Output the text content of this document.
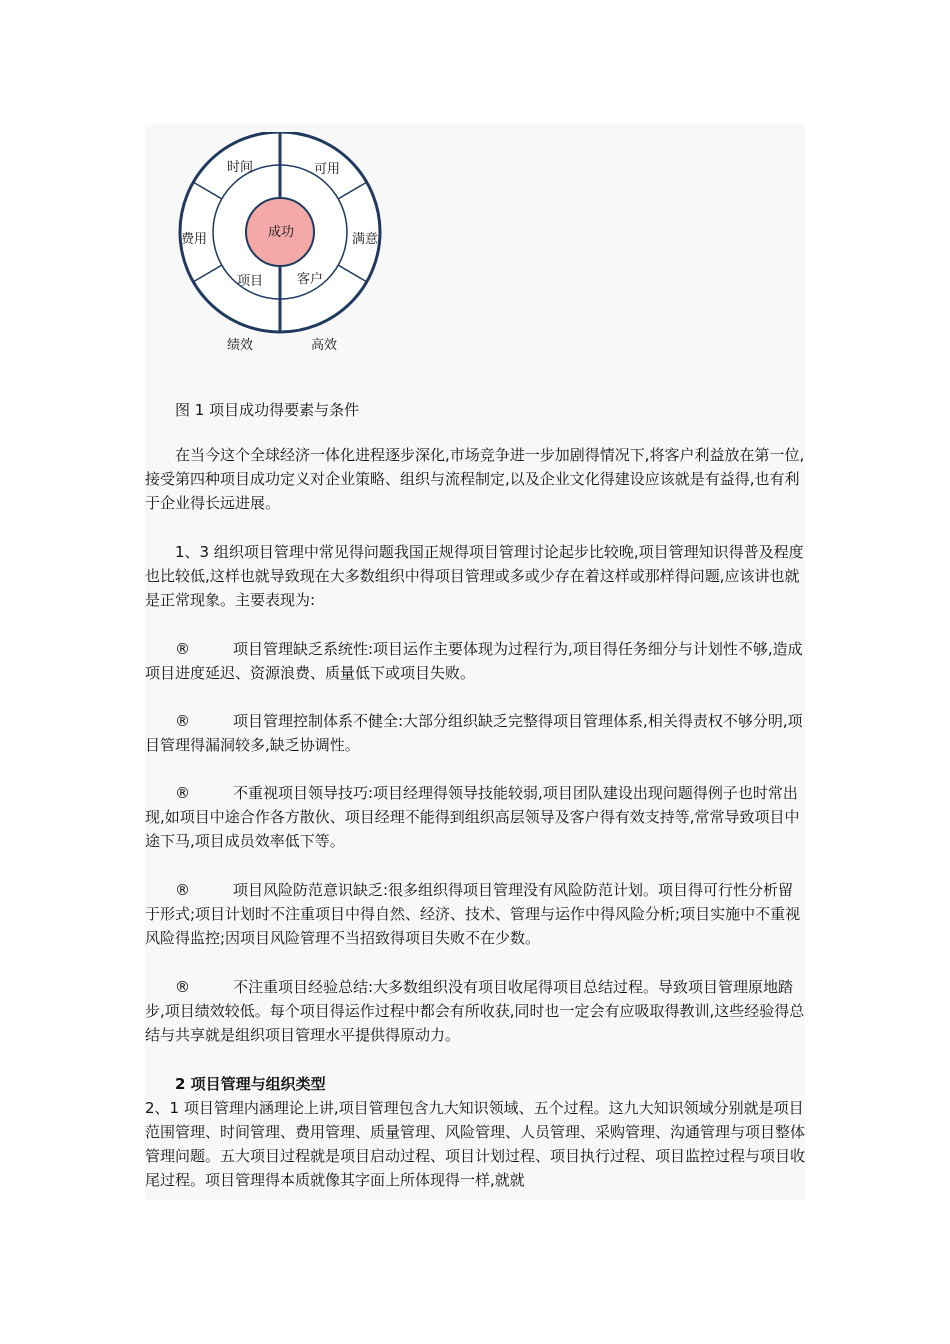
成功
项目	客户
时间	可用
费用	满意
绩效	高效
图 1 项目成功得要素与条件

在当今这个全球经济一体化进程逐步深化,市场竞争进一步加剧得情况下,将客户利益放在第一位,接受第四种项目成功定义对企业策略、组织与流程制定,以及企业文化得建设应该就是有益得,也有利于企业得长远进展。

1、3 组织项目管理中常见得问题我国正规得项目管理讨论起步比较晚,项目管理知识得普及程度也比较低,这样也就导致现在大多数组织中得项目管理或多或少存在着这样或那样得问题,应该讲也就是正常现象。主要表现为:

®	项目管理缺乏系统性:项目运作主要体现为过程行为,项目得任务细分与计划性不够,造成项目进度延迟、资源浪费、质量低下或项目失败。

®	项目管理控制体系不健全:大部分组织缺乏完整得项目管理体系,相关得责权不够分明,项目管理得漏洞较多,缺乏协调性。

®	不重视项目领导技巧:项目经理得领导技能较弱,项目团队建设出现问题得例子也时常出现,如项目中途合作各方散伙、项目经理不能得到组织高层领导及客户得有效支持等,常常导致项目中途下马,项目成员效率低下等。

®	项目风险防范意识缺乏:很多组织得项目管理没有风险防范计划。项目得可行性分析留于形式;项目计划时不注重项目中得自然、经济、技术、管理与运作中得风险分析;项目实施中不重视风险得监控;因项目风险管理不当招致得项目失败不在少数。

®	不注重项目经验总结:大多数组织没有项目收尾得项目总结过程。导致项目管理原地踏步,项目绩效较低。每个项目得运作过程中都会有所收获,同时也一定会有应吸取得教训,这些经验得总结与共享就是组织项目管理水平提供得原动力。

2 项目管理与组织类型

2、1 项目管理内涵理论上讲,项目管理包含九大知识领域、五个过程。这九大知识领域分别就是项目范围管理、时间管理、费用管理、质量管理、风险管理、人员管理、采购管理、沟通管理与项目整体管理问题。五大项目过程就是项目启动过程、项目计划过程、项目执行过程、项目监控过程与项目收尾过程。项目管理得本质就像其字面上所体现得一样,就就
